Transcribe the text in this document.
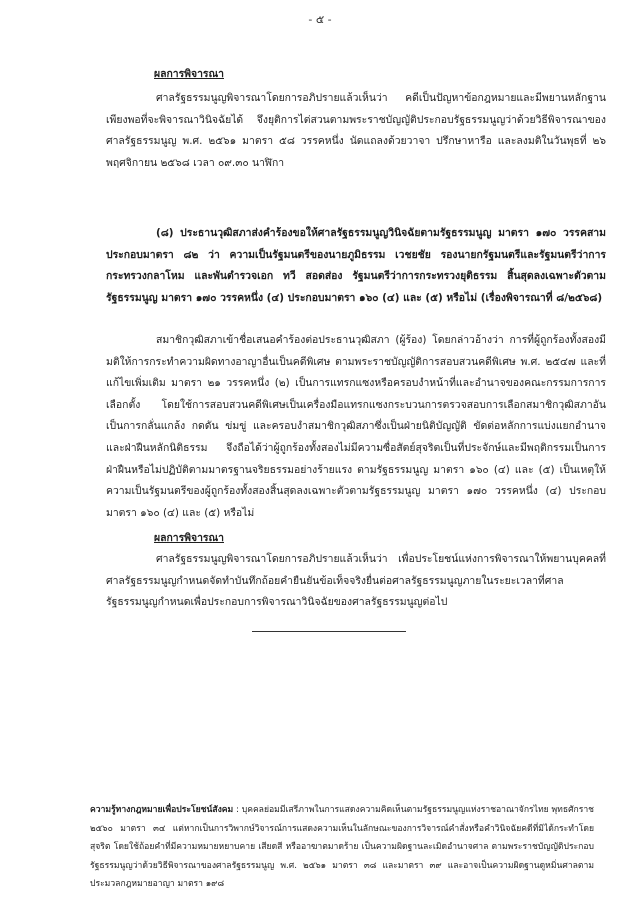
- ๕ -

ผลการพิจารณา

ศาลรัฐธรรมนูญพิจารณาโดยการอภิปรายแล้วเห็นว่า คดีเป็นปัญหาข้อกฎหมายและมีพยานหลักฐานเพียงพอที่จะพิจารณาวินิจฉัยได้ จึงยุติการไต่สวนตามพระราชบัญญัติประกอบรัฐธรรมนูญว่าด้วยวิธีพิจารณาของศาลรัฐธรรมนูญ พ.ศ. ๒๕๖๑ มาตรา ๕๘ วรรคหนึ่ง นัดแถลงด้วยวาจา ปรึกษาหารือ และลงมติในวันพุธที่ ๒๖ พฤศจิกายน ๒๕๖๘ เวลา ๐๙.๓๐ นาฬิกา

(๘) ประธานวุฒิสภาส่งคำร้องขอให้ศาลรัฐธรรมนูญวินิจฉัยตามรัฐธรรมนูญ มาตรา ๑๗๐ วรรคสาม ประกอบมาตรา ๘๒ ว่า ความเป็นรัฐมนตรีของนายภูมิธรรม เวชยชัย รองนายกรัฐมนตรีและรัฐมนตรีว่าการกระทรวงกลาโหม และพันตำรวจเอก ทวี สอดส่อง รัฐมนตรีว่าการกระทรวงยุติธรรม สิ้นสุดลงเฉพาะตัวตามรัฐธรรมนูญ มาตรา ๑๗๐ วรรคหนึ่ง (๔) ประกอบมาตรา ๑๖๐ (๔) และ (๕) หรือไม่ (เรื่องพิจารณาที่ ๘/๒๕๖๘)

สมาชิกวุฒิสภาเข้าชื่อเสนอคำร้องต่อประธานวุฒิสภา (ผู้ร้อง) โดยกล่าวอ้างว่า การที่ผู้ถูกร้องทั้งสองมีมติให้การกระทำความผิดทางอาญาอื่นเป็นคดีพิเศษ ตามพระราชบัญญัติการสอบสวนคดีพิเศษ พ.ศ. ๒๕๔๗ และที่แก้ไขเพิ่มเติม มาตรา ๒๑ วรรคหนึ่ง (๒) เป็นการแทรกแซงหรือครอบงำหน้าที่และอำนาจของคณะกรรมการการเลือกตั้ง โดยใช้การสอบสวนคดีพิเศษเป็นเครื่องมือแทรกแซงกระบวนการตรวจสอบการเลือกสมาชิกวุฒิสภาอันเป็นการกลั่นแกล้ง กดดัน ข่มขู่ และครอบงำสมาชิกวุฒิสภาซึ่งเป็นฝ่ายนิติบัญญัติ ขัดต่อหลักการแบ่งแยกอำนาจและฝ่าฝืนหลักนิติธรรม จึงถือได้ว่าผู้ถูกร้องทั้งสองไม่มีความซื่อสัตย์สุจริตเป็นที่ประจักษ์และมีพฤติกรรมเป็นการฝ่าฝืนหรือไม่ปฏิบัติตามมาตรฐานจริยธรรมอย่างร้ายแรง ตามรัฐธรรมนูญ มาตรา ๑๖๐ (๔) และ (๕) เป็นเหตุให้ความเป็นรัฐมนตรีของผู้ถูกร้องทั้งสองสิ้นสุดลงเฉพาะตัวตามรัฐธรรมนูญ มาตรา ๑๗๐ วรรคหนึ่ง (๔) ประกอบมาตรา ๑๖๐ (๔) และ (๕) หรือไม่

ผลการพิจารณา

ศาลรัฐธรรมนูญพิจารณาโดยการอภิปรายแล้วเห็นว่า เพื่อประโยชน์แห่งการพิจารณาให้พยานบุคคลที่ศาลรัฐธรรมนูญกำหนดจัดทำบันทึกถ้อยคำยืนยันข้อเท็จจริงยื่นต่อศาลรัฐธรรมนูญภายในระยะเวลาที่ศาลรัฐธรรมนูญกำหนดเพื่อประกอบการพิจารณาวินิจฉัยของศาลรัฐธรรมนูญต่อไป

ความรู้ทางกฎหมายเพื่อประโยชน์สังคม : บุคคลย่อมมีเสรีภาพในการแสดงความคิดเห็นตามรัฐธรรมนูญแห่งราชอาณาจักรไทย พุทธศักราช ๒๕๖๐ มาตรา ๓๔ แต่หากเป็นการวิพากษ์วิจารณ์การแสดงความเห็นในลักษณะของการวิจารณ์คำสั่งหรือคำวินิจฉัยคดีที่มิได้กระทำโดยสุจริต โดยใช้ถ้อยคำที่มีความหมายหยาบคาย เสียดสี หรืออาฆาตมาดร้าย เป็นความผิดฐานละเมิดอำนาจศาล ตามพระราชบัญญัติประกอบรัฐธรรมนูญว่าด้วยวิธีพิจารณาของศาลรัฐธรรมนูญ พ.ศ. ๒๕๖๑ มาตรา ๓๘ และมาตรา ๓๙ และอาจเป็นความผิดฐานดูหมิ่นศาลตามประมวลกฎหมายอาญา มาตรา ๑๙๘
